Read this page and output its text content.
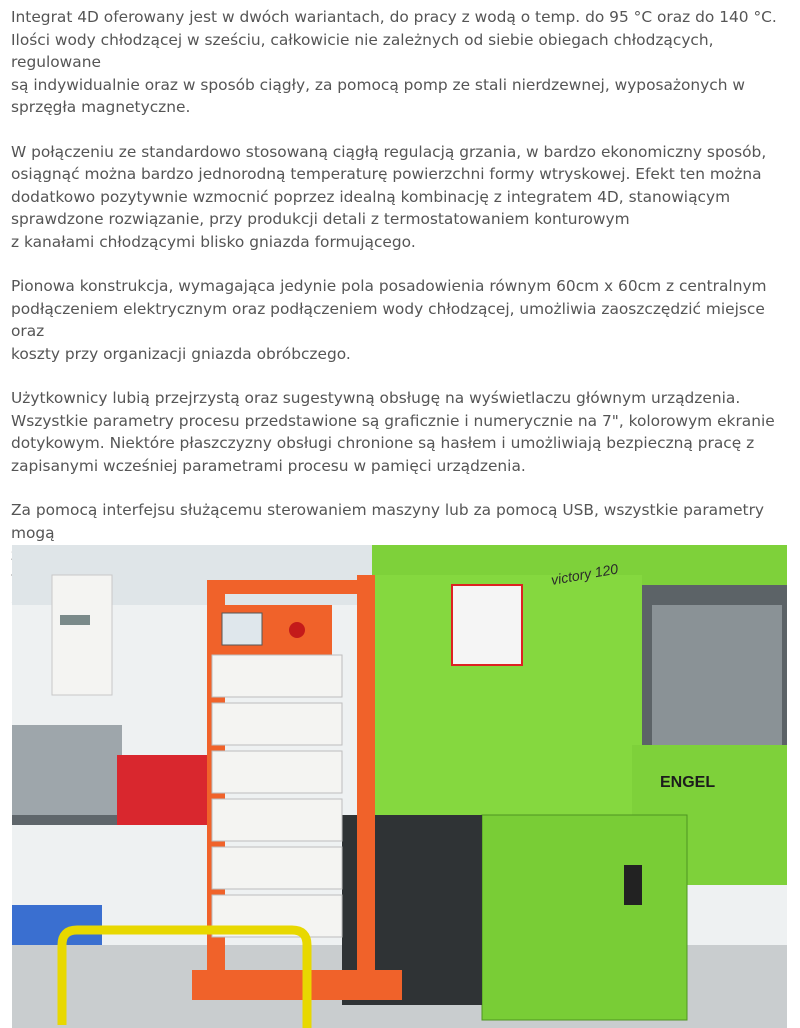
Integrat 4D oferowany jest w dwóch wariantach, do pracy z wodą o temp. do 95 °C oraz do 140 °C.
Ilości wody chłodzącej w sześciu, całkowicie nie zależnych od siebie obiegach chłodzących, regulowane
są indywidualnie oraz w sposób ciągły, za pomocą pomp ze stali nierdzewnej, wyposażonych w
sprzęgła magnetyczne.

W połączeniu ze standardowo stosowaną ciągłą regulacją grzania, w bardzo ekonomiczny sposób,
osiągnąć można bardzo jednorodną temperaturę powierzchni formy wtryskowej. Efekt ten można
dodatkowo pozytywnie wzmocnić poprzez idealną kombinację z integratem 4D, stanowiącym
sprawdzone rozwiązanie, przy produkcji detali z termostatowaniem konturowym
z kanałami chłodzącymi blisko gniazda formującego.

Pionowa konstrukcja, wymagająca jedynie pola posadowienia równym 60cm x 60cm z centralnym
podłączeniem elektrycznym oraz podłączeniem wody chłodzącej, umożliwia zaoszczędzić miejsce oraz
koszty przy organizacji gniazda obróbczego.

Użytkownicy lubią przejrzystą oraz sugestywną obsługę na wyświetlaczu głównym urządzenia.
Wszystkie parametry procesu przedstawione są graficznie i numerycznie na 7", kolorowym ekranie
dotykowym. Niektóre płaszczyzny obsługi chronione są hasłem i umożliwiają bezpieczną pracę z
zapisanymi wcześniej parametrami procesu w pamięci urządzenia.

Za pomocą interfejsu służącemu sterowaniem maszyny lub za pomocą USB, wszystkie parametry mogą

victory 120
ENGEL
